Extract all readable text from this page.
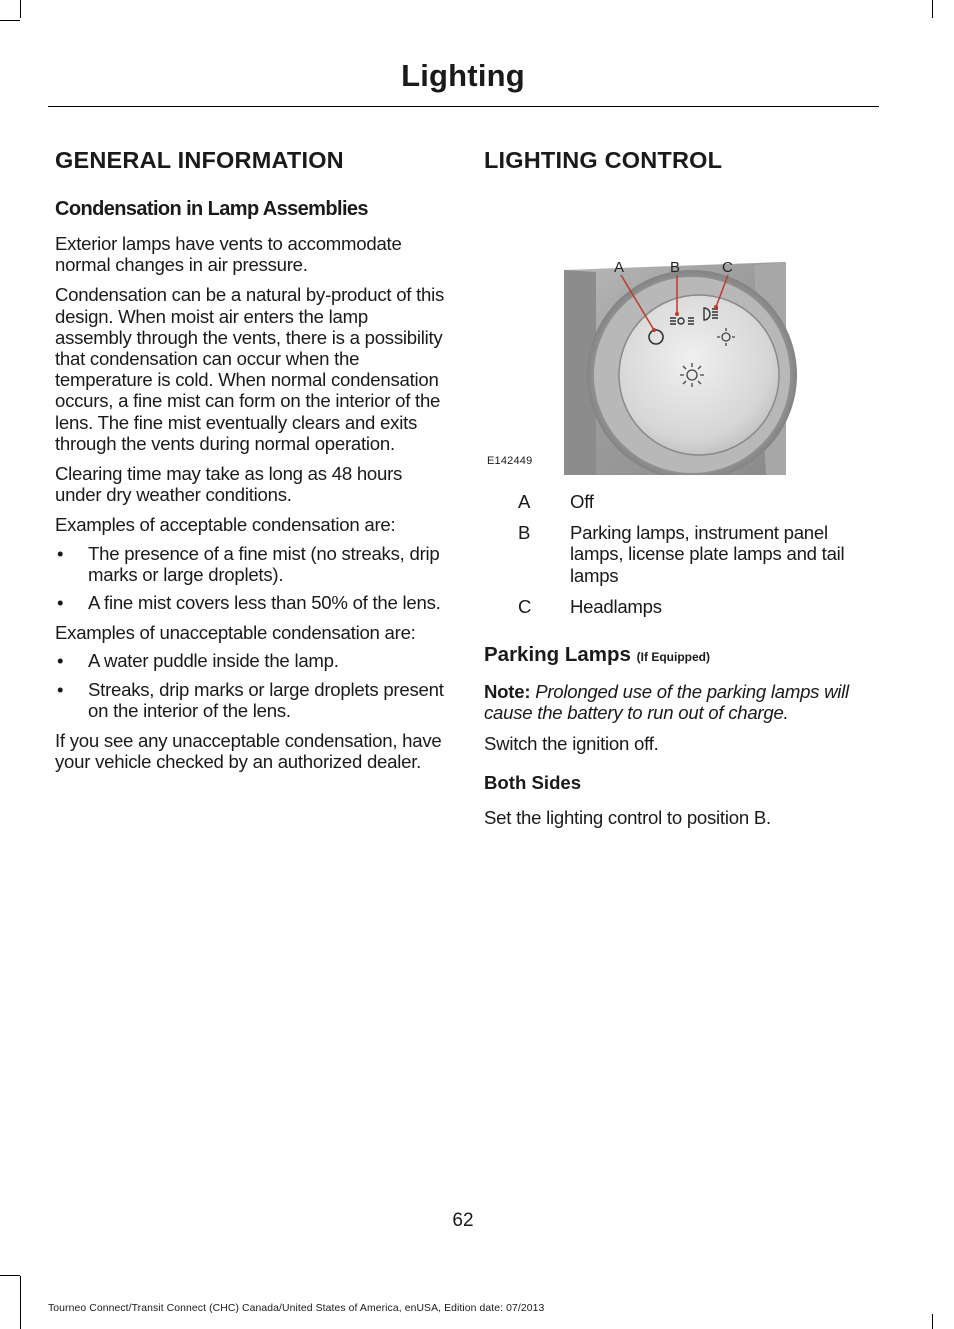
Lighting
GENERAL INFORMATION
Condensation in Lamp Assemblies

Exterior lamps have vents to accommodate normal changes in air pressure.

Condensation can be a natural by-product of this design. When moist air enters the lamp assembly through the vents, there is a possibility that condensation can occur when the temperature is cold. When normal condensation occurs, a fine mist can form on the interior of the lens. The fine mist eventually clears and exits through the vents during normal operation.

Clearing time may take as long as 48 hours under dry weather conditions.

Examples of acceptable condensation are:

• The presence of a fine mist (no streaks, drip marks or large droplets).
• A fine mist covers less than 50% of the lens.

Examples of unacceptable condensation are:

• A water puddle inside the lamp.
• Streaks, drip marks or large droplets present on the interior of the lens.

If you see any unacceptable condensation, have your vehicle checked by an authorized dealer.

LIGHTING CONTROL
A	B	C
E142449
A	Off
B	Parking lamps, instrument panel lamps, license plate lamps and tail lamps
C	Headlamps
Parking Lamps (If Equipped)

Note: Prolonged use of the parking lamps will cause the battery to run out of charge.

Switch the ignition off.

Both Sides

Set the lighting control to position B.

62
Tourneo Connect/Transit Connect (CHC) Canada/United States of America, enUSA, Edition date: 07/2013
